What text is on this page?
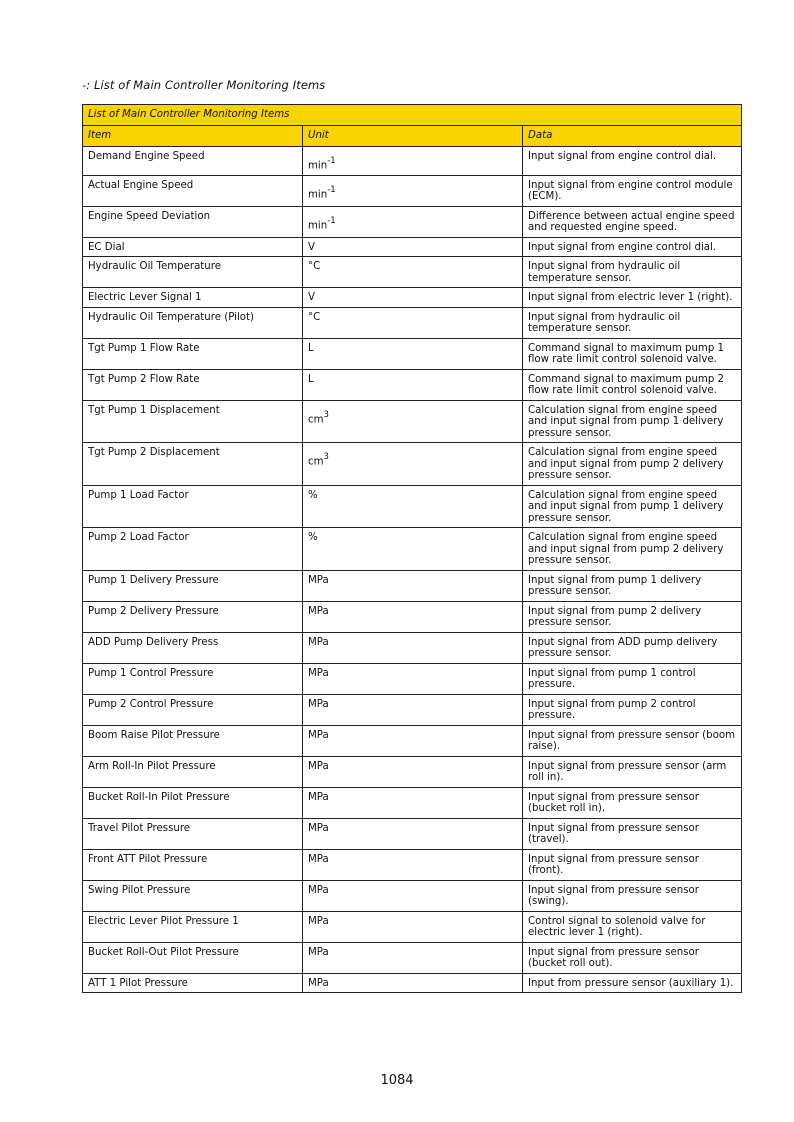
-: List of Main Controller Monitoring Items
List of Main Controller Monitoring Items		
Item	Unit	Data
Demand Engine Speed	$\min^{-1}$	Input signal from engine control dial.
Actual Engine Speed	$\min^{-1}$	Input signal from engine control module (ECM).
Engine Speed Deviation	$\min^{-1}$	Difference between actual engine speed and requested engine speed.
EC Dial	V	Input signal from engine control dial.
Hydraulic Oil Temperature	°C	Input signal from hydraulic oil temperature sensor.
Electric Lever Signal 1	V	Input signal from electric lever 1 (right).
Hydraulic Oil Temperature (Pilot)	°C	Input signal from hydraulic oil temperature sensor.
Tgt Pump 1 Flow Rate	L	Command signal to maximum pump 1 flow rate limit control solenoid valve.
Tgt Pump 2 Flow Rate	L	Command signal to maximum pump 2 flow rate limit control solenoid valve.
Tgt Pump 1 Displacement	$cm^3$	Calculation signal from engine speed and input signal from pump 1 delivery pressure sensor.
Tgt Pump 2 Displacement	$cm^3$	Calculation signal from engine speed and input signal from pump 2 delivery pressure sensor.
Pump 1 Load Factor	%	Calculation signal from engine speed and input signal from pump 1 delivery pressure sensor.
Pump 2 Load Factor	%	Calculation signal from engine speed and input signal from pump 2 delivery pressure sensor.
Pump 1 Delivery Pressure	MPa	Input signal from pump 1 delivery pressure sensor.
Pump 2 Delivery Pressure	MPa	Input signal from pump 2 delivery pressure sensor.
ADD Pump Delivery Press	MPa	Input signal from ADD pump delivery pressure sensor.
Pump 1 Control Pressure	MPa	Input signal from pump 1 control pressure.
Pump 2 Control Pressure	MPa	Input signal from pump 2 control pressure.
Boom Raise Pilot Pressure	MPa	Input signal from pressure sensor (boom raise).
Arm Roll-In Pilot Pressure	MPa	Input signal from pressure sensor (arm roll in).
Bucket Roll-In Pilot Pressure	MPa	Input signal from pressure sensor (bucket roll in).
Travel Pilot Pressure	MPa	Input signal from pressure sensor (travel).
Front ATT Pilot Pressure	MPa	Input signal from pressure sensor (front).
Swing Pilot Pressure	MPa	Input signal from pressure sensor (swing).
Electric Lever Pilot Pressure 1	MPa	Control signal to solenoid valve for electric lever 1 (right).
Bucket Roll-Out Pilot Pressure	MPa	Input signal from pressure sensor (bucket roll out).
ATT 1 Pilot Pressure	MPa	Input from pressure sensor (auxiliary 1).
1084
